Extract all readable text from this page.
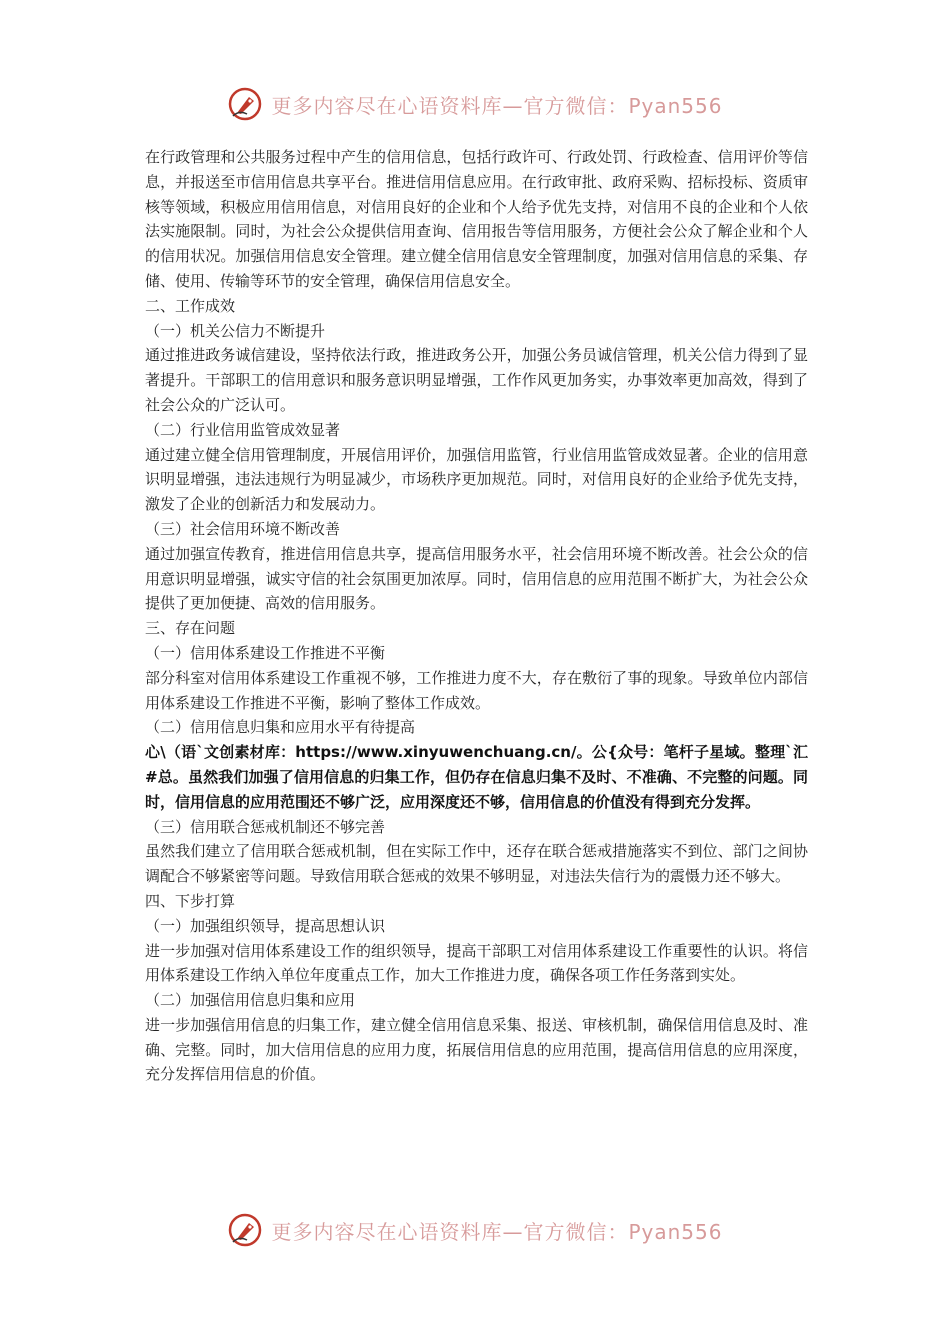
更多内容尽在心语资料库—官方微信：Pyan556

在行政管理和公共服务过程中产生的信用信息，包括行政许可、行政处罚、行政检查、信用评价等信息，并报送至市信用信息共享平台。推进信用信息应用。在行政审批、政府采购、招标投标、资质审核等领域，积极应用信用信息，对信用良好的企业和个人给予优先支持，对信用不良的企业和个人依法实施限制。同时，为社会公众提供信用查询、信用报告等信用服务，方便社会公众了解企业和个人的信用状况。加强信用信息安全管理。建立健全信用信息安全管理制度，加强对信用信息的采集、存储、使用、传输等环节的安全管理，确保信用信息安全。

二、工作成效

（一）机关公信力不断提升

通过推进政务诚信建设，坚持依法行政，推进政务公开，加强公务员诚信管理，机关公信力得到了显著提升。干部职工的信用意识和服务意识明显增强，工作作风更加务实，办事效率更加高效，得到了社会公众的广泛认可。

（二）行业信用监管成效显著

通过建立健全信用管理制度，开展信用评价，加强信用监管，行业信用监管成效显著。企业的信用意识明显增强，违法违规行为明显减少，市场秩序更加规范。同时，对信用良好的企业给予优先支持，激发了企业的创新活力和发展动力。

（三）社会信用环境不断改善

通过加强宣传教育，推进信用信息共享，提高信用服务水平，社会信用环境不断改善。社会公众的信用意识明显增强，诚实守信的社会氛围更加浓厚。同时，信用信息的应用范围不断扩大，为社会公众提供了更加便捷、高效的信用服务。

三、存在问题

（一）信用体系建设工作推进不平衡

部分科室对信用体系建设工作重视不够，工作推进力度不大，存在敷衍了事的现象。导致单位内部信用体系建设工作推进不平衡，影响了整体工作成效。

（二）信用信息归集和应用水平有待提高

心\（语`文创素材库：https://www.xinyuwenchuang.cn/。公{众号：笔杆子星域。整理`汇#总。虽然我们加强了信用信息的归集工作，但仍存在信息归集不及时、不准确、不完整的问题。同时，信用信息的应用范围还不够广泛，应用深度还不够，信用信息的价值没有得到充分发挥。

（三）信用联合惩戒机制还不够完善

虽然我们建立了信用联合惩戒机制，但在实际工作中，还存在联合惩戒措施落实不到位、部门之间协调配合不够紧密等问题。导致信用联合惩戒的效果不够明显，对违法失信行为的震慑力还不够大。

四、下步打算

（一）加强组织领导，提高思想认识

进一步加强对信用体系建设工作的组织领导，提高干部职工对信用体系建设工作重要性的认识。将信用体系建设工作纳入单位年度重点工作，加大工作推进力度，确保各项工作任务落到实处。

（二）加强信用信息归集和应用

进一步加强信用信息的归集工作，建立健全信用信息采集、报送、审核机制，确保信用信息及时、准确、完整。同时，加大信用信息的应用力度，拓展信用信息的应用范围，提高信用信息的应用深度，充分发挥信用信息的价值。

更多内容尽在心语资料库—官方微信：Pyan556
